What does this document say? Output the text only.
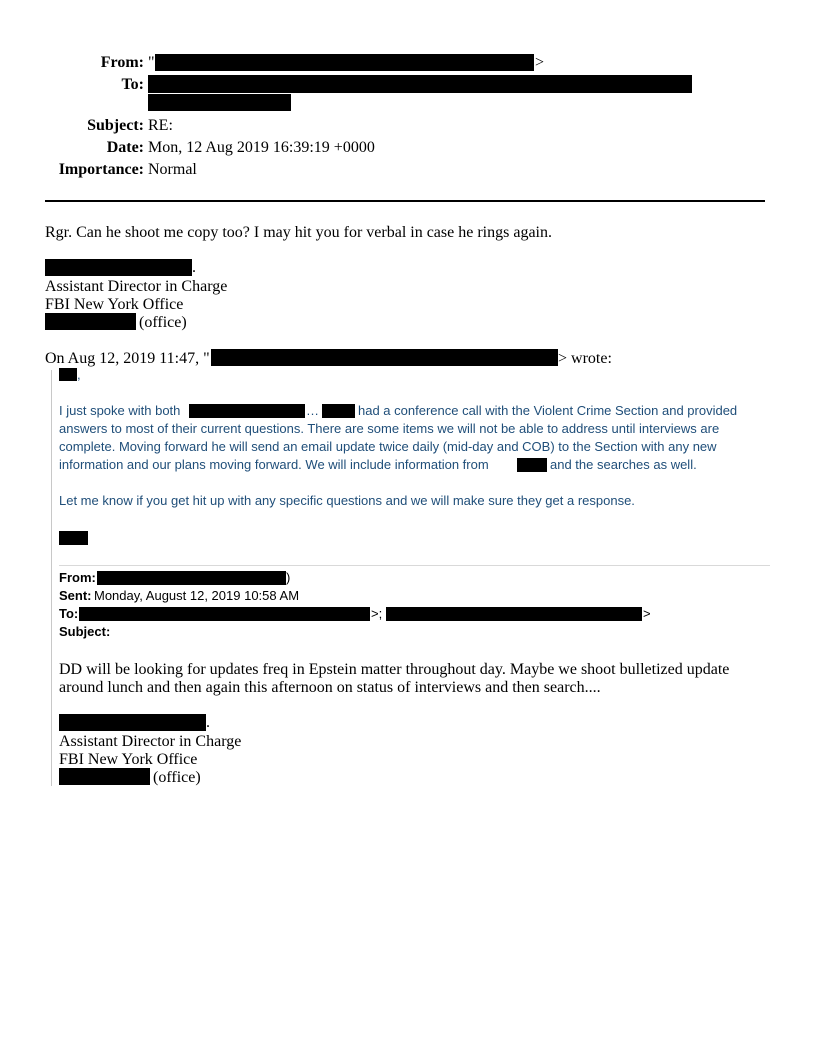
From: "	>
To:
Subject: RE:
Date: Mon, 12 Aug 2019 16:39:19 +0000
Importance: Normal
Rgr. Can he shoot me copy too? I may hit you for verbal in case he rings again.
.
Assistant Director in Charge
FBI New York Office
(office)
On Aug 12, 2019 11:47, "	> wrote:
,
I just spoke with both	…	had a conference call with the Violent Crime Section and provided
answers to most of their current questions. There are some items we will not be able to address until interviews are
complete. Moving forward he will send an email update twice daily (mid-day and COB) to the Section with any new
information and our plans moving forward. We will include information from	and the searches as well.
Let me know if you get hit up with any specific questions and we will make sure they get a response.
From:	)
Sent: Monday, August 12, 2019 10:58 AM
To:	>;	>
Subject:
DD will be looking for updates freq in Epstein matter throughout day. Maybe we shoot bulletized update
around lunch and then again this afternoon on status of interviews and then search....
.
Assistant Director in Charge
FBI New York Office
(office)
